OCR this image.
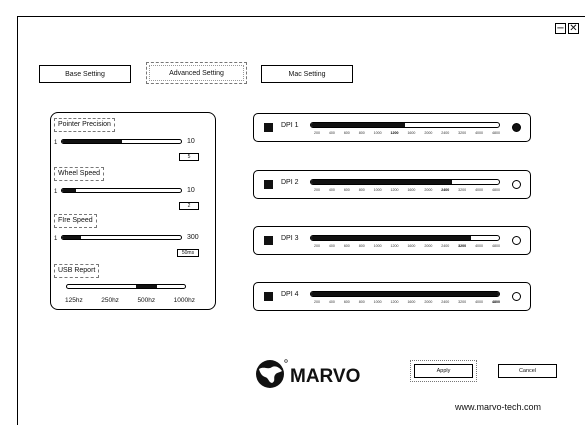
− ✕
Base Setting	Advanced Setting	Mac Setting
Pointer Precision
1	10
5
Wheel Speed
1	10
2
FIre Speed
1	300
50ms
USB Report
125hz	250hz	500hz	1000hz
DPI 1
200 400 600 800 1000 1200 1600 2000 2400 3200 4000 4800
DPI 2
200 400 600 800 1000 1200 1600 2000 2400 3200 4000 4800
DPI 3
200 400 600 800 1000 1200 1600 2000 2400 3200 4000 4800
DPI 4
200 400 600 800 1000 1200 1600 2000 2400 3200 4000 4800
MARVO	Apply	Cancel
www.marvo-tech.com
